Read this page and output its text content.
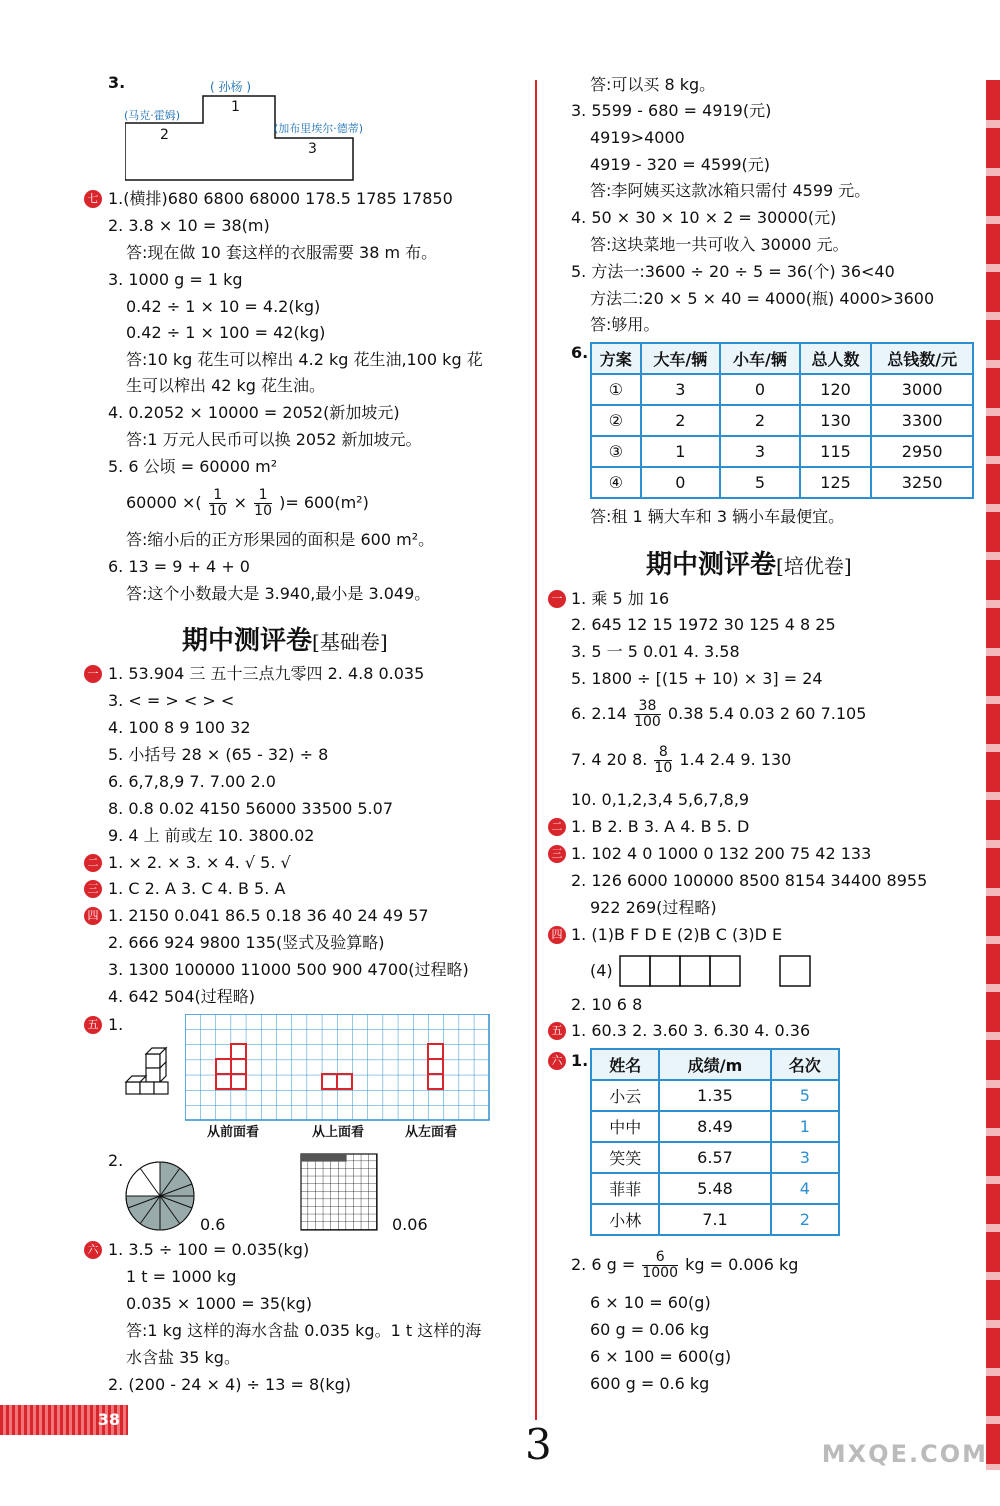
3.	( 孙杨 )
1
(马克·霍姆)
2	(加布里埃尔·德蒂)
3
七 1.(横排)680 6800 68000 178.5 1785 17850
2. 3.8 × 10 = 38(m)
答:现在做 10 套这样的衣服需要 38 m 布。
3. 1000 g = 1 kg
0.42 ÷ 1 × 10 = 4.2(kg)
0.42 ÷ 1 × 100 = 42(kg)
答:10 kg 花生可以榨出 4.2 kg 花生油,100 kg 花
生可以榨出 42 kg 花生油。
4. 0.2052 × 10000 = 2052(新加坡元)
答:1 万元人民币可以换 2052 新加坡元。
5. 6 公顷 = 60000 m²
60000 ×( $\frac{1}{10} \times \frac{1}{10}$ )= 600(m²)
答:缩小后的正方形果园的面积是 600 m²。
6. 13 = 9 + 4 + 0
答:这个小数最大是 3.940,最小是 3.049。
期中测评卷[基础卷]
一 1. 53.904 三 五十三点九零四 2. 4.8 0.035
3. < = > < > <
4. 100 8 9 100 32
5. 小括号 28 × (65 - 32) ÷ 8
6. 6,7,8,9 7. 7.00 2.0
8. 0.8 0.02 4150 56000 33500 5.07
9. 4 上 前或左 10. 3800.02
二 1. × 2. × 3. × 4. √ 5. √
三 1. C 2. A 3. C 4. B 5. A
四 1. 2150 0.041 86.5 0.18 36 40 24 49 57
2. 666 924 9800 135(竖式及验算略)
3. 1300 100000 11000 500 900 4700(过程略)
4. 642 504(过程略)
五 1.
从前面看	从上面看	从左面看
2.
0.6	0.06
六 1. 3.5 ÷ 100 = 0.035(kg)
1 t = 1000 kg
0.035 × 1000 = 35(kg)
答:1 kg 这样的海水含盐 0.035 kg。1 t 这样的海
水含盐 35 kg。
2. (200 - 24 × 4) ÷ 13 = 8(kg)
答:可以买 8 kg。
3. 5599 - 680 = 4919(元)
4919>4000
4919 - 320 = 4599(元)
答:李阿姨买这款冰箱只需付 4599 元。
4. 50 × 30 × 10 × 2 = 30000(元)
答:这块菜地一共可收入 30000 元。
5. 方法一:3600 ÷ 20 ÷ 5 = 36(个) 36<40
方法二:20 × 5 × 40 = 4000(瓶) 4000>3600
答:够用。
6. 方案	大车/辆	小车/辆	总人数	总钱数/元
①	3	0	120	3000
②	2	2	130	3300
③	1	3	115	2950
④	0	5	125	3250
答:租 1 辆大车和 3 辆小车最便宜。
期中测评卷[培优卷]
一 1. 乘 5 加 16
2. 645 12 15 1972 30 125 4 8 25
3. 5 一 5 0.01 4. 3.58
5. 1800 ÷ [(15 + 10) × 3] = 24
6. $2.14 \frac{38}{100} 0.38$ 5.4 0.03 2 60 7.105
7. 4 20 8. $\frac{8}{10} 1.4$ 2.4 9. 130
10. 0,1,2,3,4 5,6,7,8,9
二 1. B 2. B 3. A 4. B 5. D
三 1. 102 4 0 1000 0 132 200 75 42 133
2. 126 6000 100000 8500 8154 34400 8955
922 269(过程略)
四 1. (1)B F D E (2)B C (3)D E
(4)
2. 10 6 8
五 1. 60.3 2. 3.60 3. 6.30 4. 0.36
六 1. 姓名	成绩/m	名次
小云	1.35	5
中中	8.49	1
笑笑	6.57	3
菲菲	5.48	4
小林	7.1	2
2. 6 $g = \frac{6}{1000}$ kg = 0.006 kg
6 × 10 = 60(g)
60 g = 0.06 kg
6 × 100 = 600(g)
600 g = 0.6 kg
38
3	MXQE.COM
